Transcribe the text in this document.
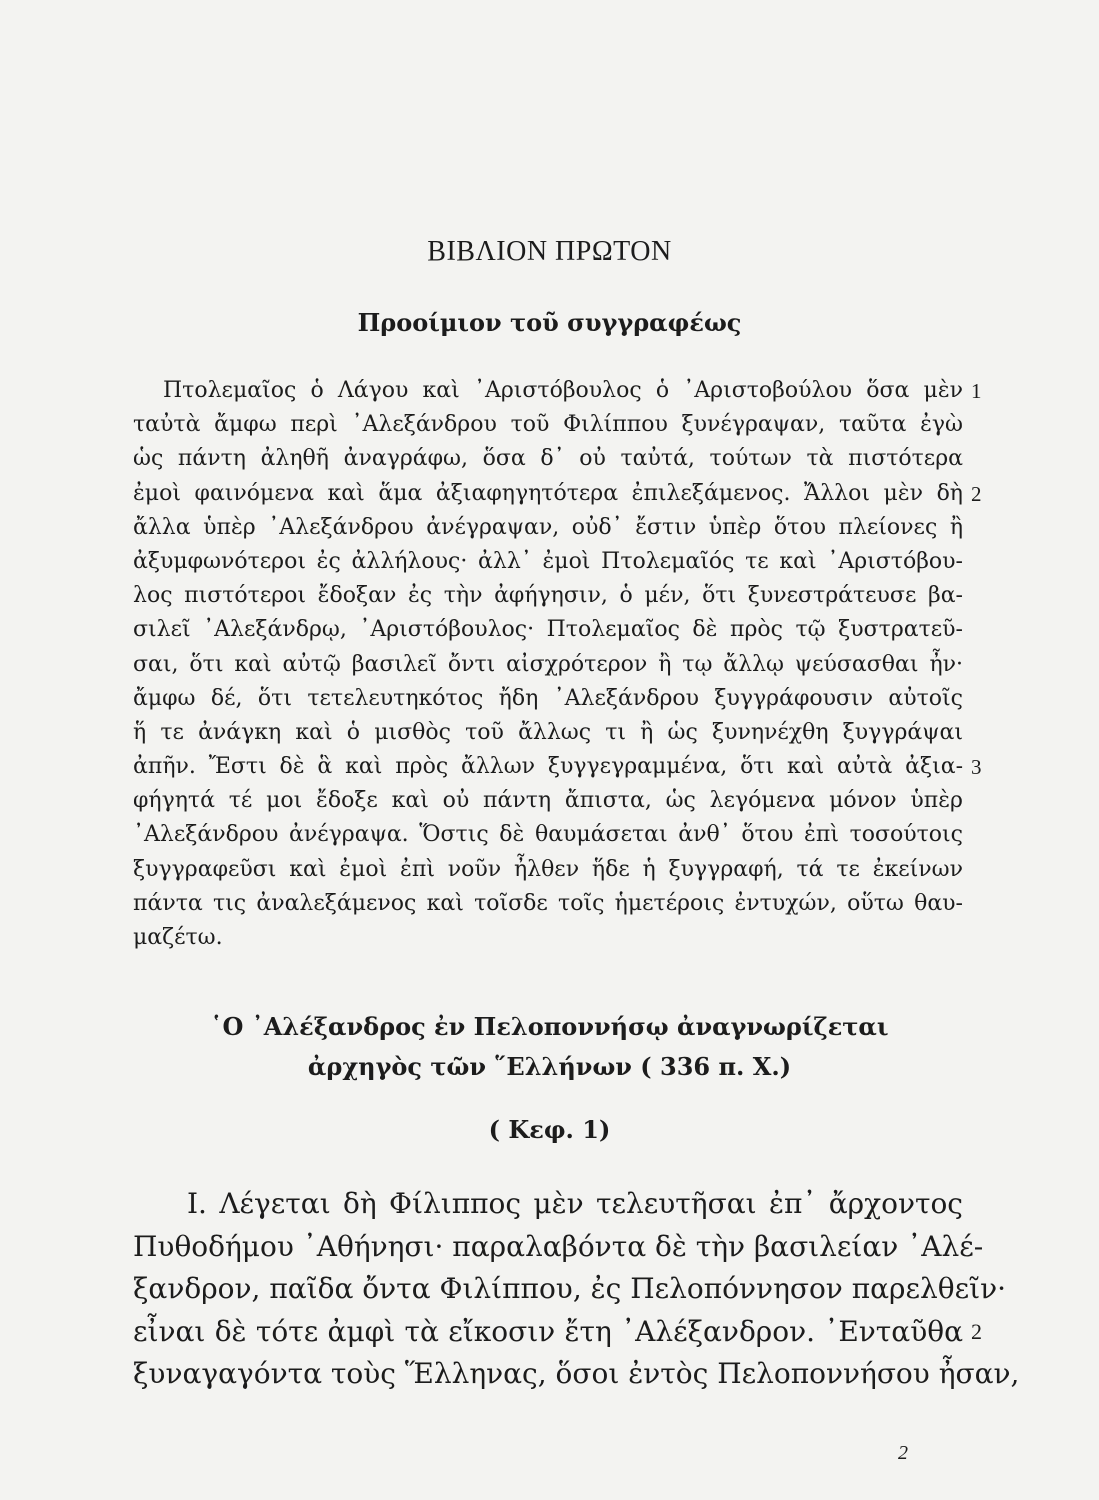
ΒΙΒΛΙΟΝ ΠΡΩΤΟΝ
Προοίμιον τοῦ συγγραφέως
Πτολεμαῖος ὁ Λάγου καὶ ᾿Αριστόβουλος ὁ ᾿Αριστοβούλου ὅσα μὲν 1
ταὐτὰ ἄμφω περὶ ᾿Αλεξάνδρου τοῦ Φιλίππου ξυνέγραψαν, ταῦτα ἐγὼ
ὡς πάντη ἀληθῆ ἀναγράφω, ὅσα δ᾿ οὐ ταὐτά, τούτων τὰ πιστότερα
ἐμοὶ φαινόμενα καὶ ἅμα ἀξιαφηγητότερα ἐπιλεξάμενος. Ἄλλοι μὲν δὴ 2
ἄλλα ὑπὲρ ᾿Αλεξάνδρου ἀνέγραψαν, οὐδ᾿ ἔστιν ὑπὲρ ὅτου πλείονες ἢ
ἀξυμφωνότεροι ἐς ἀλλήλους· ἀλλ᾿ ἐμοὶ Πτολεμαῖός τε καὶ ᾿Αριστόβου-
λος πιστότεροι ἔδοξαν ἐς τὴν ἀφήγησιν, ὁ μέν, ὅτι ξυνεστράτευσε βα-
σιλεῖ ᾿Αλεξάνδρῳ, ᾿Αριστόβουλος· Πτολεμαῖος δὲ πρὸς τῷ ξυστρατεῦ-
σαι, ὅτι καὶ αὐτῷ βασιλεῖ ὄντι αἰσχρότερον ἢ τῳ ἄλλῳ ψεύσασθαι ἦν·
ἄμφω δέ, ὅτι τετελευτηκότος ἤδη ᾿Αλεξάνδρου ξυγγράφουσιν αὐτοῖς
ἥ τε ἀνάγκη καὶ ὁ μισθὸς τοῦ ἄλλως τι ἢ ὡς ξυνηνέχθη ξυγγράψαι
ἀπῆν. Ἔστι δὲ ἃ καὶ πρὸς ἄλλων ξυγγεγραμμένα, ὅτι καὶ αὐτὰ ἀξια- 3
φήγητά τέ μοι ἔδοξε καὶ οὐ πάντη ἄπιστα, ὡς λεγόμενα μόνον ὑπὲρ
᾿Αλεξάνδρου ἀνέγραψα. Ὅστις δὲ θαυμάσεται ἀνθ᾿ ὅτου ἐπὶ τοσούτοις
ξυγγραφεῦσι καὶ ἐμοὶ ἐπὶ νοῦν ἦλθεν ἥδε ἡ ξυγγραφή, τά τε ἐκείνων
πάντα τις ἀναλεξάμενος καὶ τοῖσδε τοῖς ἡμετέροις ἐντυχών, οὕτω θαυ-
μαζέτω.
῾Ο ᾿Αλέξανδρος ἐν Πελοποννήσῳ ἀναγνωρίζεται
ἀρχηγὸς τῶν ῞Ελλήνων ( 336 π. Χ.)
( Κεφ. 1)
Ι. Λέγεται δὴ Φίλιππος μὲν τελευτῆσαι ἐπ᾿ ἄρχοντος
Πυθοδήμου ᾿Αθήνησι· παραλαβόντα δὲ τὴν βασιλείαν ᾿Αλέ-
ξανδρον, παῖδα ὄντα Φιλίππου, ἐς Πελοπόννησον παρελθεῖν·
εἶναι δὲ τότε ἀμφὶ τὰ εἴκοσιν ἔτη ᾿Αλέξανδρον. ᾿Ενταῦθα 2
ξυναγαγόντα τοὺς Ἕλληνας, ὅσοι ἐντὸς Πελοποννήσου ἦσαν,
2
